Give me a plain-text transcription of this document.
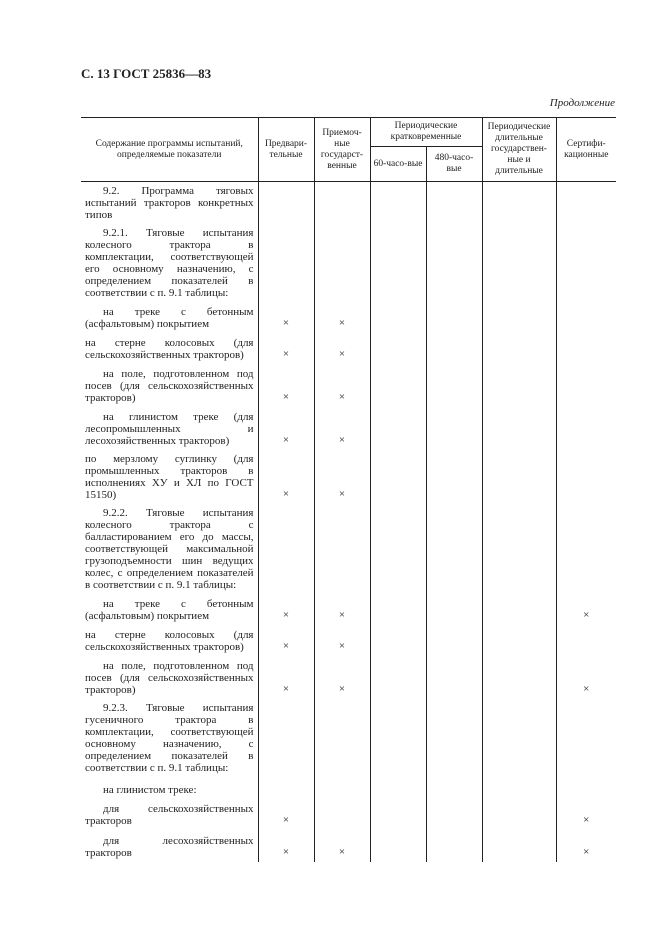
С. 13 ГОСТ 25836—83
Продолжение
Содержание программы испытаний, определяемые показатели	Предвари-тельные	Приемоч-ные государст-венные	Периодические кратковременные		Периодические длительные государствен-ные и длительные	Сертифи-кационные
			60-часо-вые	480-часо-вые		

9.2. Программа тяговых испытаний тракторов конкретных типов						

9.2.1. Тяговые испытания колесного трактора в комплектации, соответствующей его основному назначению, с определением показателей в соответствии с п. 9.1 таблицы:						

на треке с бетонным (асфальтовым) покрытием	×	×				

на стерне колосовых (для сельскохозяйственных тракторов)	×	×				

на поле, подготовленном под посев (для сельскохозяйственных тракторов)	×	×				

на глинистом треке (для лесопромышленных и лесохозяйственных тракторов)	×	×				

по мерзлому суглинку (для промышленных тракторов в исполнениях ХУ и ХЛ по ГОСТ 15150)	×	×				

9.2.2. Тяговые испытания колесного трактора с балластированием его до массы, соответствующей максимальной грузоподъемности шин ведущих колес, с определением показателей в соответствии с п. 9.1 таблицы:						

на треке с бетонным (асфальтовым) покрытием	×	×				×

на стерне колосовых (для сельскохозяйственных тракторов)	×	×				

на поле, подготовленном под посев (для сельскохозяйственных тракторов)	×	×				×

9.2.3. Тяговые испытания гусеничного трактора в комплектации, соответствующей основному назначению, с определением показателей в соответствии с п. 9.1 таблицы:						

на глинистом треке:						

для сельскохозяйственных тракторов	×					×

для лесохозяйственных тракторов	×	×				×
